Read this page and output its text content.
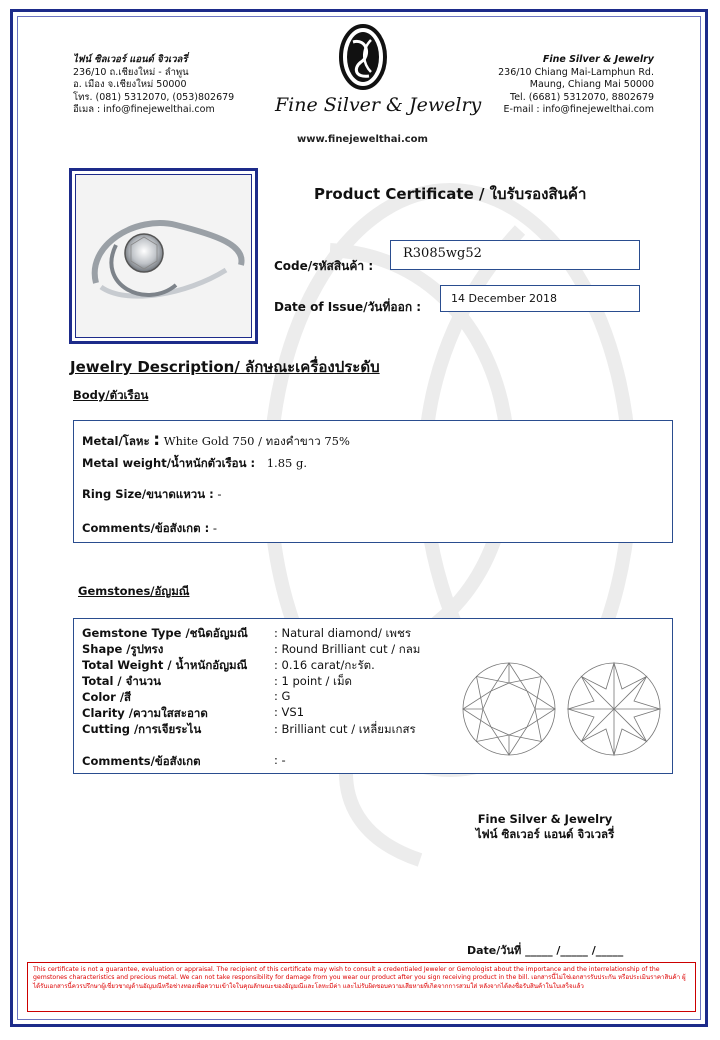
ไฟน์ ซิลเวอร์ แอนด์ จิวเวลรี่
236/10 ถ.เชียงใหม่ - ลำพูน
อ. เมือง จ.เชียงใหม่ 50000
โทร. (081) 5312070, (053)802679
อีเมล : info@finejewelthai.com	Fine Silver & Jewelry
www.finejewelthai.com
Fine Silver & Jewelry
236/10 Chiang Mai-Lamphun Rd.
Maung, Chiang Mai 50000
Tel. (6681) 5312070, 8802679
E-mail : info@finejewelthai.com
Product Certificate / ใบรับรองสินค้า
Code/รหัสสินค้า :
R3085wg52
Date of Issue/วันที่ออก :
14 December 2018
Jewelry Description/ ลักษณะเครื่องประดับ
Body/ตัวเรือน
Metal/โลหะ : White Gold 750 / ทองคำขาว 75%
Metal weight/น้ำหนักตัวเรือน : 1.85 g.
Ring Size/ขนาดแหวน : -
Comments/ข้อสังเกต : -
Gemstones/อัญมณี
Gemstone Type /ชนิดอัญมณี : Natural diamond/ เพชร
Shape /รูปทรง	: Round Brilliant cut / กลม
Total Weight / น้ำหนักอัญมณี : 0.16 carat/กะรัต.
Total / จำนวน	: 1 point / เม็ด
Color /สี	: G
Clarity /ความใสสะอาด	: VS1
Cutting /การเจียระไน	: Brilliant cut / เหลี่ยมเกสร
Comments/ข้อสังเกต	: -
Fine Silver & Jewelry
ไฟน์ ซิลเวอร์ แอนด์ จิวเวลรี่
Date/วันที่ _____ /_____ /_____
This certificate is not a guarantee, evaluation or appraisal. The recipient of this certificate may wish to consult a credentialed Jeweler or Gemologist about the importance and the interrelationship of the gemstones characteristics and precious metal. We can not take responsibility for damage from you wear our product after you sign receiving product in the bill. เอกสารนี้ไม่ใช่เอกสารรับประกัน หรือประเมินราคาสินค้า ผู้ได้รับเอกสารนี้ควรปรึกษาผู้เชี่ยวชาญด้านอัญมณีหรือช่างทองเพื่อความเข้าใจในคุณลักษณะของอัญมณีและโลหะมีค่า และไม่รับผิดชอบความเสียหายที่เกิดจากการสวมใส่ หลังจากได้ลงชื่อรับสินค้าในใบเสร็จแล้ว
